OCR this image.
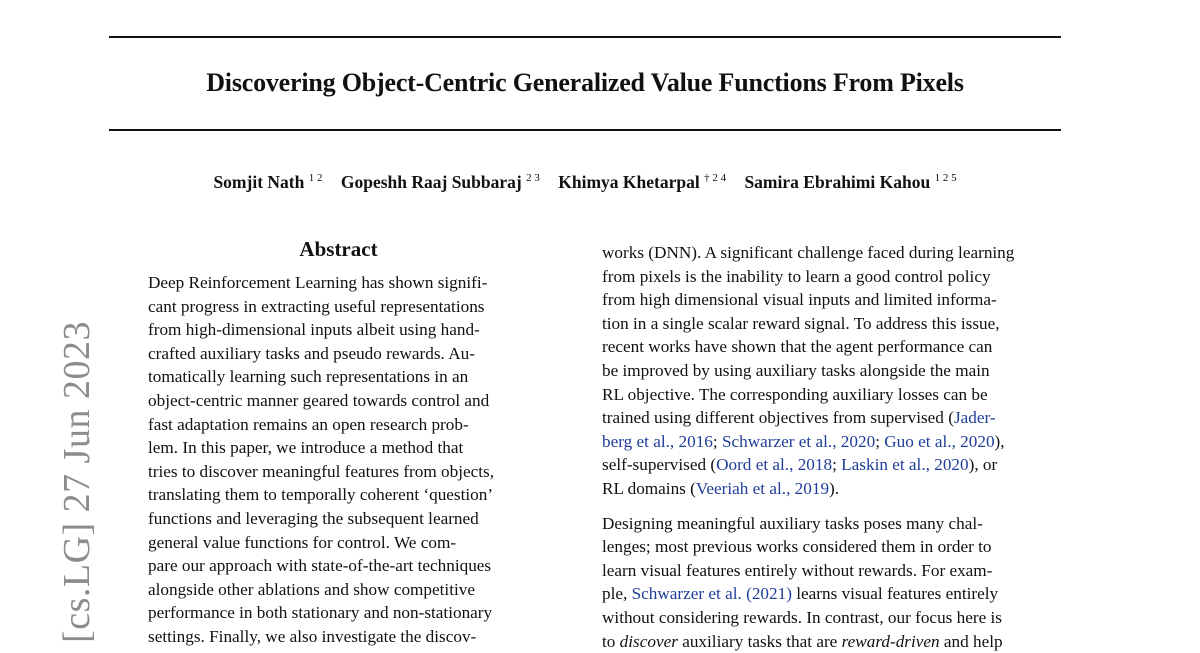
Discovering Object-Centric Generalized Value Functions From Pixels
Somjit Nath $^{1 2}$ Gopeshh Raaj Subbaraj $^{2 3}$ Khimya Khetarpal $^{\dagger 2 4}$ Samira Ebrahimi Kahou $^{1 2 5}$
[cs.LG] 27 Jun 2023
Abstract
Deep Reinforcement Learning has shown signifi-
cant progress in extracting useful representations
from high-dimensional inputs albeit using hand-
crafted auxiliary tasks and pseudo rewards. Au-
tomatically learning such representations in an
object-centric manner geared towards control and
fast adaptation remains an open research prob-
lem. In this paper, we introduce a method that
tries to discover meaningful features from objects,
translating them to temporally coherent ‘question’
functions and leveraging the subsequent learned
general value functions for control. We com-
pare our approach with state-of-the-art techniques
alongside other ablations and show competitive
performance in both stationary and non-stationary
settings. Finally, we also investigate the discov-
works (DNN). A significant challenge faced during learning
from pixels is the inability to learn a good control policy
from high dimensional visual inputs and limited informa-
tion in a single scalar reward signal. To address this issue,
recent works have shown that the agent performance can
be improved by using auxiliary tasks alongside the main
RL objective. The corresponding auxiliary losses can be
trained using different objectives from supervised (Jader-
berg et al., 2016; Schwarzer et al., 2020; Guo et al., 2020),
self-supervised (Oord et al., 2018; Laskin et al., 2020), or
RL domains (Veeriah et al., 2019).
Designing meaningful auxiliary tasks poses many chal-
lenges; most previous works considered them in order to
learn visual features entirely without rewards. For exam-
ple, Schwarzer et al. (2021) learns visual features entirely
without considering rewards. In contrast, our focus here is
to discover auxiliary tasks that are reward-driven and help
